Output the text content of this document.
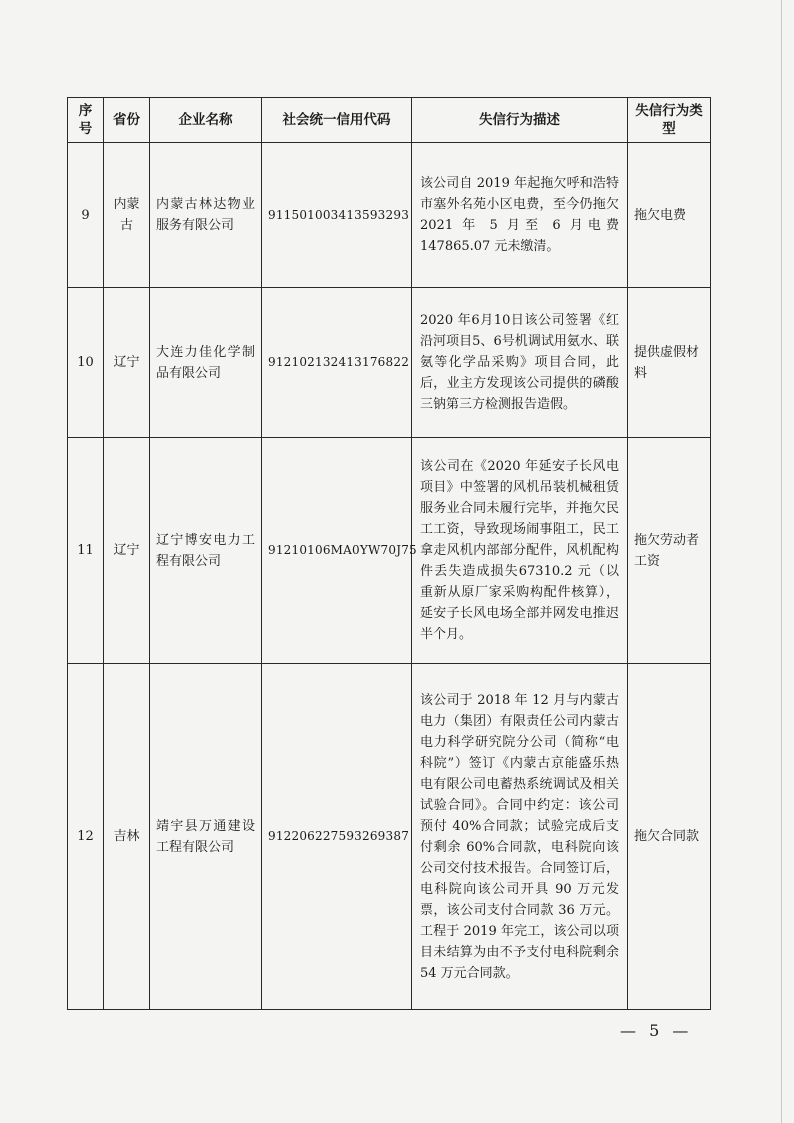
序号	省份	企业名称	社会统一信用代码	失信行为描述	失信行为类型
9	内蒙古	内蒙古林达物业服务有限公司	911501003413593293	该公司自 2019 年起拖欠呼和浩特市塞外名苑小区电费，至今仍拖欠 2021 年 5 月至 6 月电费 147865.07 元未缴清。	拖欠电费
10	辽宁	大连力佳化学制品有限公司	912102132413176822	2020 年6月10日该公司签署《红沿河项目5、6号机调试用氨水、联氨等化学品采购》项目合同，此后，业主方发现该公司提供的磷酸三钠第三方检测报告造假。	提供虚假材料
11	辽宁	辽宁博安电力工程有限公司	91210106MA0YW70J75	该公司在《2020 年延安子长风电项目》中签署的风机吊装机械租赁服务业合同未履行完毕，并拖欠民工工资，导致现场闹事阻工，民工拿走风机内部部分配件，风机配构件丢失造成损失67310.2 元（以重新从原厂家采购构配件核算），延安子长风电场全部并网发电推迟半个月。	拖欠劳动者工资
12	吉林	靖宇县万通建设工程有限公司	912206227593269387	该公司于 2018 年 12 月与内蒙古电力（集团）有限责任公司内蒙古电力科学研究院分公司（简称“电科院”）签订《内蒙古京能盛乐热电有限公司电蓄热系统调试及相关试验合同》。合同中约定：该公司预付 40%合同款；试验完成后支付剩余 60%合同款，电科院向该公司交付技术报告。合同签订后，电科院向该公司开具 90 万元发票，该公司支付合同款 36 万元。工程于 2019 年完工，该公司以项目未结算为由不予支付电科院剩余 54 万元合同款。	拖欠合同款
— 5 —
